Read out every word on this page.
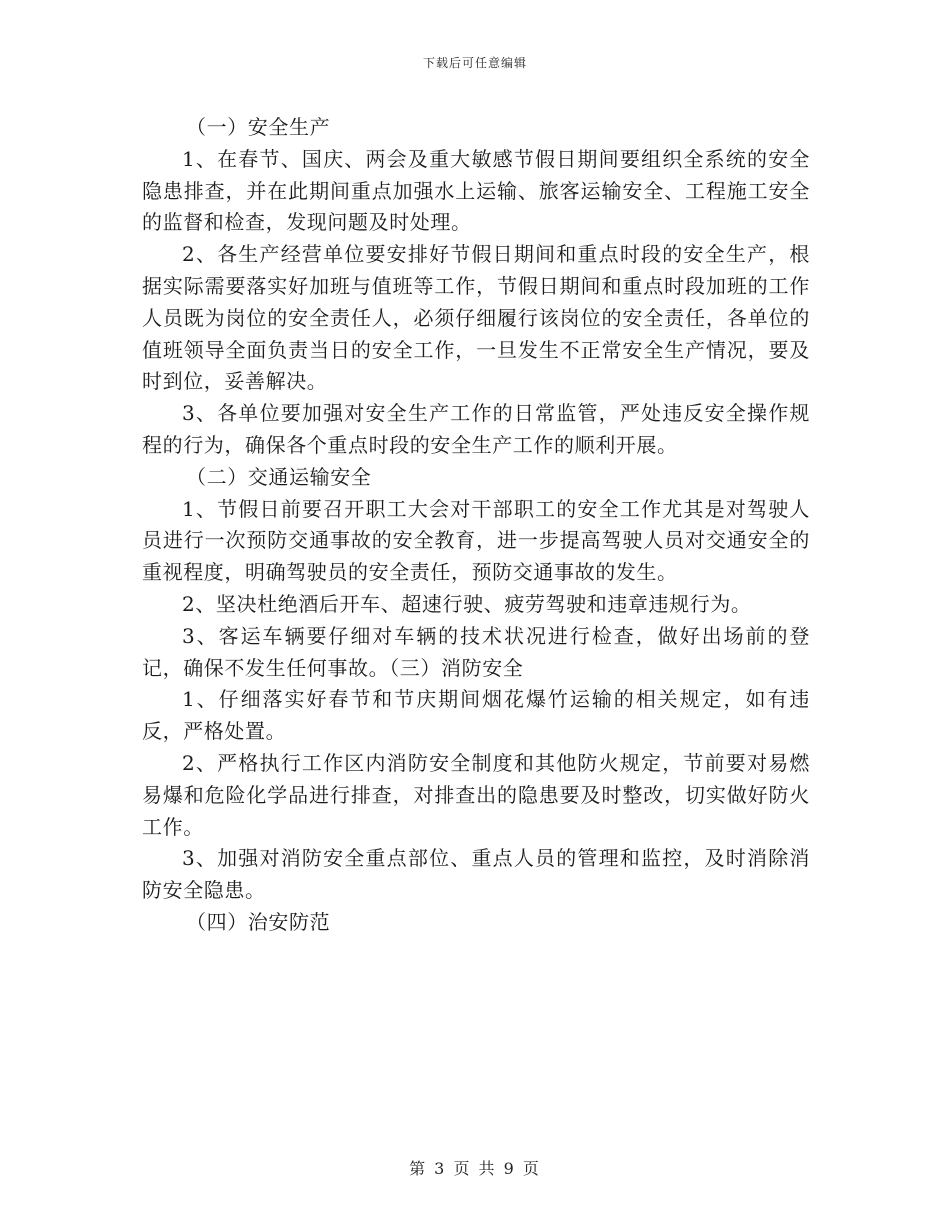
下载后可任意编辑

（一）安全生产

1、在春节、国庆、两会及重大敏感节假日期间要组织全系统的安全隐患排查，并在此期间重点加强水上运输、旅客运输安全、工程施工安全的监督和检查，发现问题及时处理。

2、各生产经营单位要安排好节假日期间和重点时段的安全生产，根据实际需要落实好加班与值班等工作，节假日期间和重点时段加班的工作人员既为岗位的安全责任人，必须仔细履行该岗位的安全责任，各单位的值班领导全面负责当日的安全工作，一旦发生不正常安全生产情况，要及时到位，妥善解决。

3、各单位要加强对安全生产工作的日常监管，严处违反安全操作规程的行为，确保各个重点时段的安全生产工作的顺利开展。

（二）交通运输安全

1、节假日前要召开职工大会对干部职工的安全工作尤其是对驾驶人员进行一次预防交通事故的安全教育，进一步提高驾驶人员对交通安全的重视程度，明确驾驶员的安全责任，预防交通事故的发生。

2、坚决杜绝酒后开车、超速行驶、疲劳驾驶和违章违规行为。

3、客运车辆要仔细对车辆的技术状况进行检查，做好出场前的登记，确保不发生任何事故。（三）消防安全

1、仔细落实好春节和节庆期间烟花爆竹运输的相关规定，如有违反，严格处置。

2、严格执行工作区内消防安全制度和其他防火规定，节前要对易燃易爆和危险化学品进行排查，对排查出的隐患要及时整改，切实做好防火工作。

3、加强对消防安全重点部位、重点人员的管理和监控，及时消除消防安全隐患。

（四）治安防范

第 3 页 共 9 页
